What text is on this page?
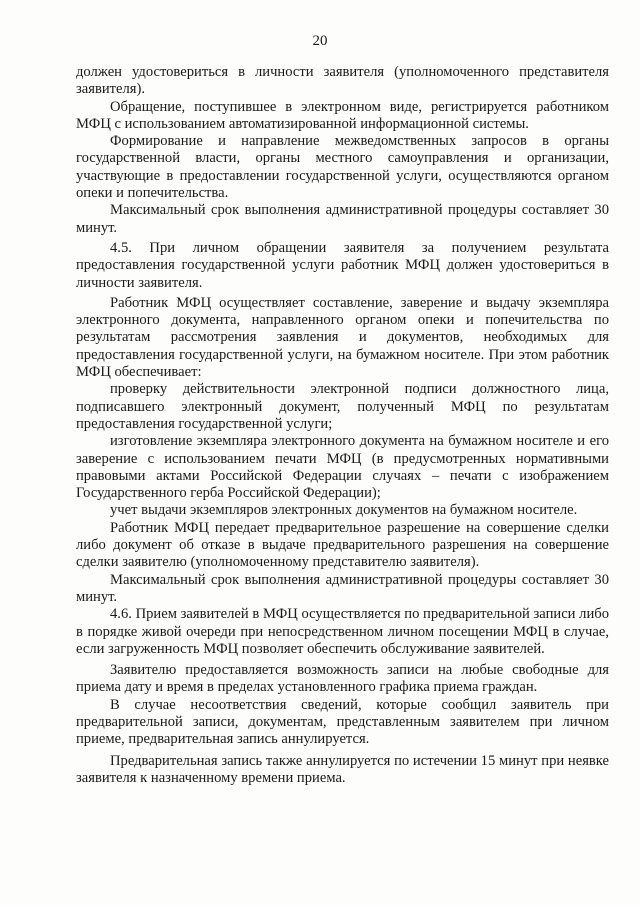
20

должен удостовериться в личности заявителя (уполномоченного представителя заявителя).

Обращение, поступившее в электронном виде, регистрируется работником МФЦ с использованием автоматизированной информационной системы.

Формирование и направление межведомственных запросов в органы государственной власти, органы местного самоуправления и организации, участвующие в предоставлении государственной услуги, осуществляются органом опеки и попечительства.

Максимальный срок выполнения административной процедуры составляет 30 минут.

4.5. При личном обращении заявителя за получением результата предоставления государственной услуги работник МФЦ должен удостовериться в личности заявителя.

Работник МФЦ осуществляет составление, заверение и выдачу экземпляра электронного документа, направленного органом опеки и попечительства по результатам рассмотрения заявления и документов, необходимых для предоставления государственной услуги, на бумажном носителе. При этом работник МФЦ обеспечивает:

проверку действительности электронной подписи должностного лица, подписавшего электронный документ, полученный МФЦ по результатам предоставления государственной услуги;

изготовление экземпляра электронного документа на бумажном носителе и его заверение с использованием печати МФЦ (в предусмотренных нормативными правовыми актами Российской Федерации случаях – печати с изображением Государственного герба Российской Федерации);

учет выдачи экземпляров электронных документов на бумажном носителе.

Работник МФЦ передает предварительное разрешение на совершение сделки либо документ об отказе в выдаче предварительного разрешения на совершение сделки заявителю (уполномоченному представителю заявителя).

Максимальный срок выполнения административной процедуры составляет 30 минут.

4.6. Прием заявителей в МФЦ осуществляется по предварительной записи либо в порядке живой очереди при непосредственном личном посещении МФЦ в случае, если загруженность МФЦ позволяет обеспечить обслуживание заявителей.

Заявителю предоставляется возможность записи на любые свободные для приема дату и время в пределах установленного графика приема граждан.

В случае несоответствия сведений, которые сообщил заявитель при предварительной записи, документам, представленным заявителем при личном приеме, предварительная запись аннулируется.

Предварительная запись также аннулируется по истечении 15 минут при неявке заявителя к назначенному времени приема.
